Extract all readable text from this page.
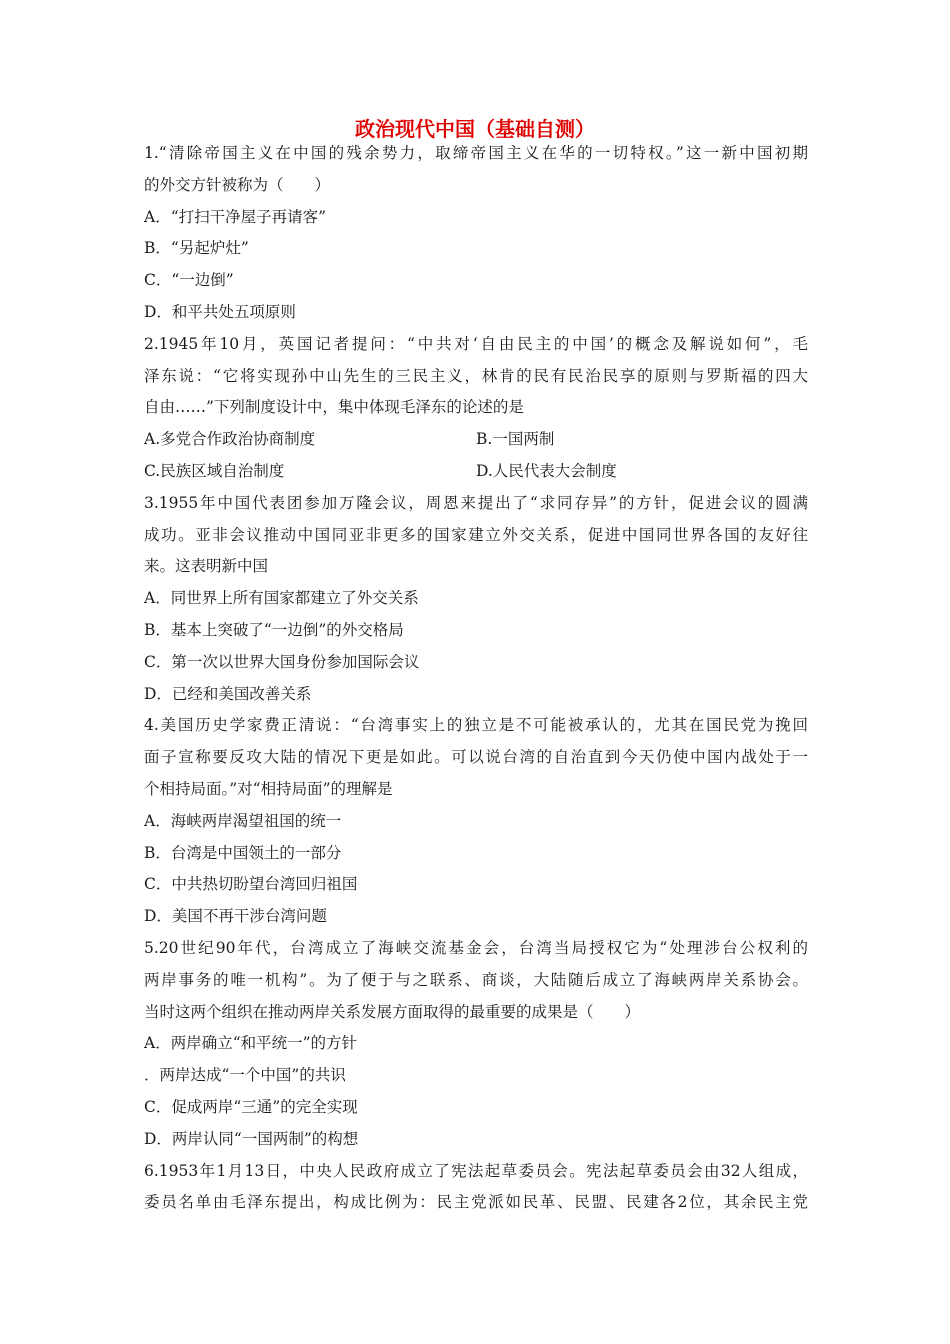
政治现代中国（基础自测）
1.“清除帝国主义在中国的残余势力，取缔帝国主义在华的一切特权。”这一新中国初期
的外交方针被称为（　　）
A．“打扫干净屋子再请客”
B．“另起炉灶”
C．“一边倒”
D．和平共处五项原则
2.1945年10月，英国记者提问：“中共对‘自由民主的中国’的概念及解说如何”，毛
泽东说：“它将实现孙中山先生的三民主义，林肯的民有民治民享的原则与罗斯福的四大
自由……”下列制度设计中，集中体现毛泽东的论述的是
A.多党合作政治协商制度	B.一国两制
C.民族区域自治制度	D.人民代表大会制度
3.1955年中国代表团参加万隆会议，周恩来提出了“求同存异”的方针，促进会议的圆满
成功。亚非会议推动中国同亚非更多的国家建立外交关系，促进中国同世界各国的友好往
来。这表明新中国
A．同世界上所有国家都建立了外交关系
B．基本上突破了“一边倒”的外交格局
C．第一次以世界大国身份参加国际会议
D．已经和美国改善关系
4.美国历史学家费正清说：“台湾事实上的独立是不可能被承认的，尤其在国民党为挽回
面子宣称要反攻大陆的情况下更是如此。可以说台湾的自治直到今天仍使中国内战处于一
个相持局面。”对“相持局面”的理解是
A．海峡两岸渴望祖国的统一
B．台湾是中国领土的一部分
C．中共热切盼望台湾回归祖国
D．美国不再干涉台湾问题
5.20世纪90年代，台湾成立了海峡交流基金会，台湾当局授权它为“处理涉台公权利的
两岸事务的唯一机构”。为了便于与之联系、商谈，大陆随后成立了海峡两岸关系协会。
当时这两个组织在推动两岸关系发展方面取得的最重要的成果是（　　）
A．两岸确立“和平统一”的方针
．两岸达成“一个中国”的共识
C．促成两岸“三通”的完全实现
D．两岸认同“一国两制”的构想
6.1953年1月13日，中央人民政府成立了宪法起草委员会。宪法起草委员会由32人组成，
委员名单由毛泽东提出，构成比例为：民主党派如民革、民盟、民建各2位，其余民主党
